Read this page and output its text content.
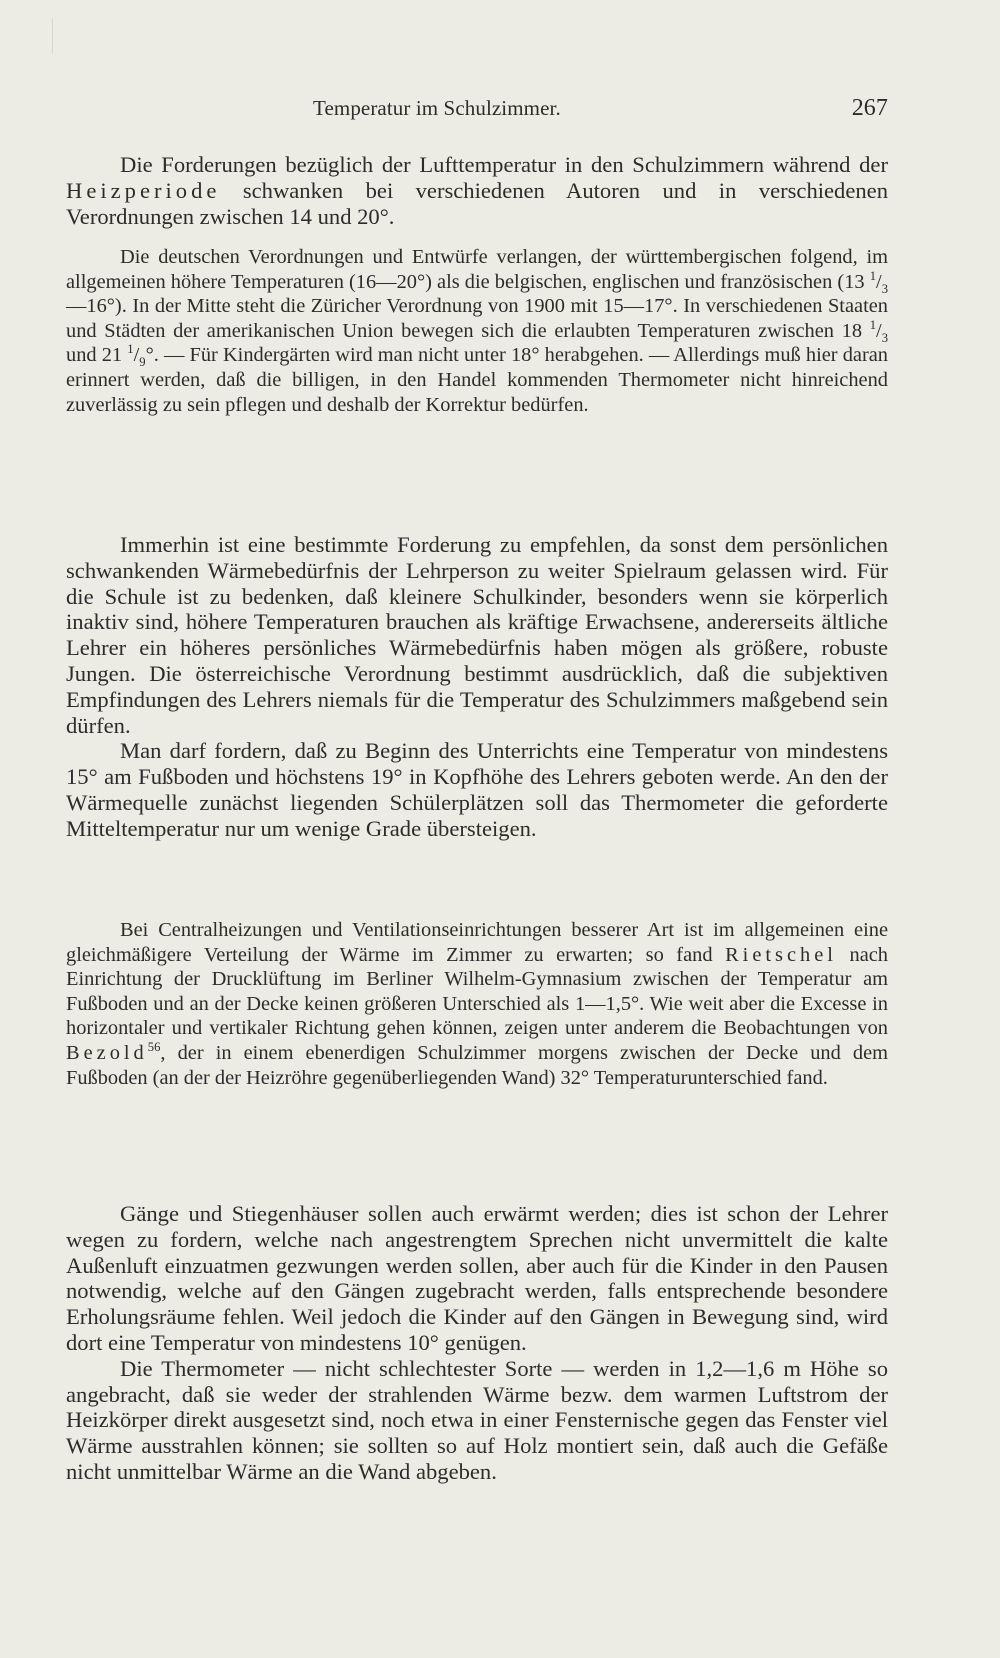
Temperatur im Schulzimmer.	267

Die Forderungen bezüglich der Lufttemperatur in den Schulzimmern während der Heizperiode schwanken bei verschiedenen Autoren und in verschiedenen Verordnungen zwischen 14 und 20°.

Die deutschen Verordnungen und Entwürfe verlangen, der württembergischen folgend, im allgemeinen höhere Temperaturen (16—20°) als die belgischen, englischen und französischen (13 $^1/_3—16^\circ$). In der Mitte steht die Züricher Verordnung von 1900 mit 15—17°. In verschiedenen Staaten und Städten der amerikanischen Union bewegen sich die erlaubten Temperaturen zwischen 18 $^1/_3$ und 21 $^1/_9^\circ$. — Für Kindergärten wird man nicht unter 18° herabgehen. — Allerdings muß hier daran erinnert werden, daß die billigen, in den Handel kommenden Thermometer nicht hinreichend zuverlässig zu sein pflegen und deshalb der Korrektur bedürfen.

Immerhin ist eine bestimmte Forderung zu empfehlen, da sonst dem persönlichen schwankenden Wärmebedürfnis der Lehrperson zu weiter Spielraum gelassen wird. Für die Schule ist zu bedenken, daß kleinere Schulkinder, besonders wenn sie körperlich inaktiv sind, höhere Temperaturen brauchen als kräftige Erwachsene, andererseits ältliche Lehrer ein höheres persönliches Wärmebedürfnis haben mögen als größere, robuste Jungen. Die österreichische Verordnung bestimmt ausdrücklich, daß die subjektiven Empfindungen des Lehrers niemals für die Temperatur des Schulzimmers maßgebend sein dürfen.

Man darf fordern, daß zu Beginn des Unterrichts eine Temperatur von mindestens 15° am Fußboden und höchstens 19° in Kopfhöhe des Lehrers geboten werde. An den der Wärmequelle zunächst liegenden Schülerplätzen soll das Thermometer die geforderte Mitteltemperatur nur um wenige Grade übersteigen.

Bei Centralheizungen und Ventilationseinrichtungen besserer Art ist im allgemeinen eine gleichmäßigere Verteilung der Wärme im Zimmer zu erwarten; so fand Rietschel nach Einrichtung der Drucklüftung im Berliner Wilhelm-Gymnasium zwischen der Temperatur am Fußboden und an der Decke keinen größeren Unterschied als 1—1,5°. Wie weit aber die Excesse in horizontaler und vertikaler Richtung gehen können, zeigen unter anderem die Beobachtungen von Bezold$^{56}$, der in einem ebenerdigen Schulzimmer morgens zwischen der Decke und dem Fußboden (an der der Heizröhre gegenüberliegenden Wand) 32° Temperaturunterschied fand.

Gänge und Stiegenhäuser sollen auch erwärmt werden; dies ist schon der Lehrer wegen zu fordern, welche nach angestrengtem Sprechen nicht unvermittelt die kalte Außenluft einzuatmen gezwungen werden sollen, aber auch für die Kinder in den Pausen notwendig, welche auf den Gängen zugebracht werden, falls entsprechende besondere Erholungsräume fehlen. Weil jedoch die Kinder auf den Gängen in Bewegung sind, wird dort eine Temperatur von mindestens 10° genügen.

Die Thermometer — nicht schlechtester Sorte — werden in 1,2—1,6 m Höhe so angebracht, daß sie weder der strahlenden Wärme bezw. dem warmen Luftstrom der Heizkörper direkt ausgesetzt sind, noch etwa in einer Fensternische gegen das Fenster viel Wärme ausstrahlen können; sie sollten so auf Holz montiert sein, daß auch die Gefäße nicht unmittelbar Wärme an die Wand abgeben.
